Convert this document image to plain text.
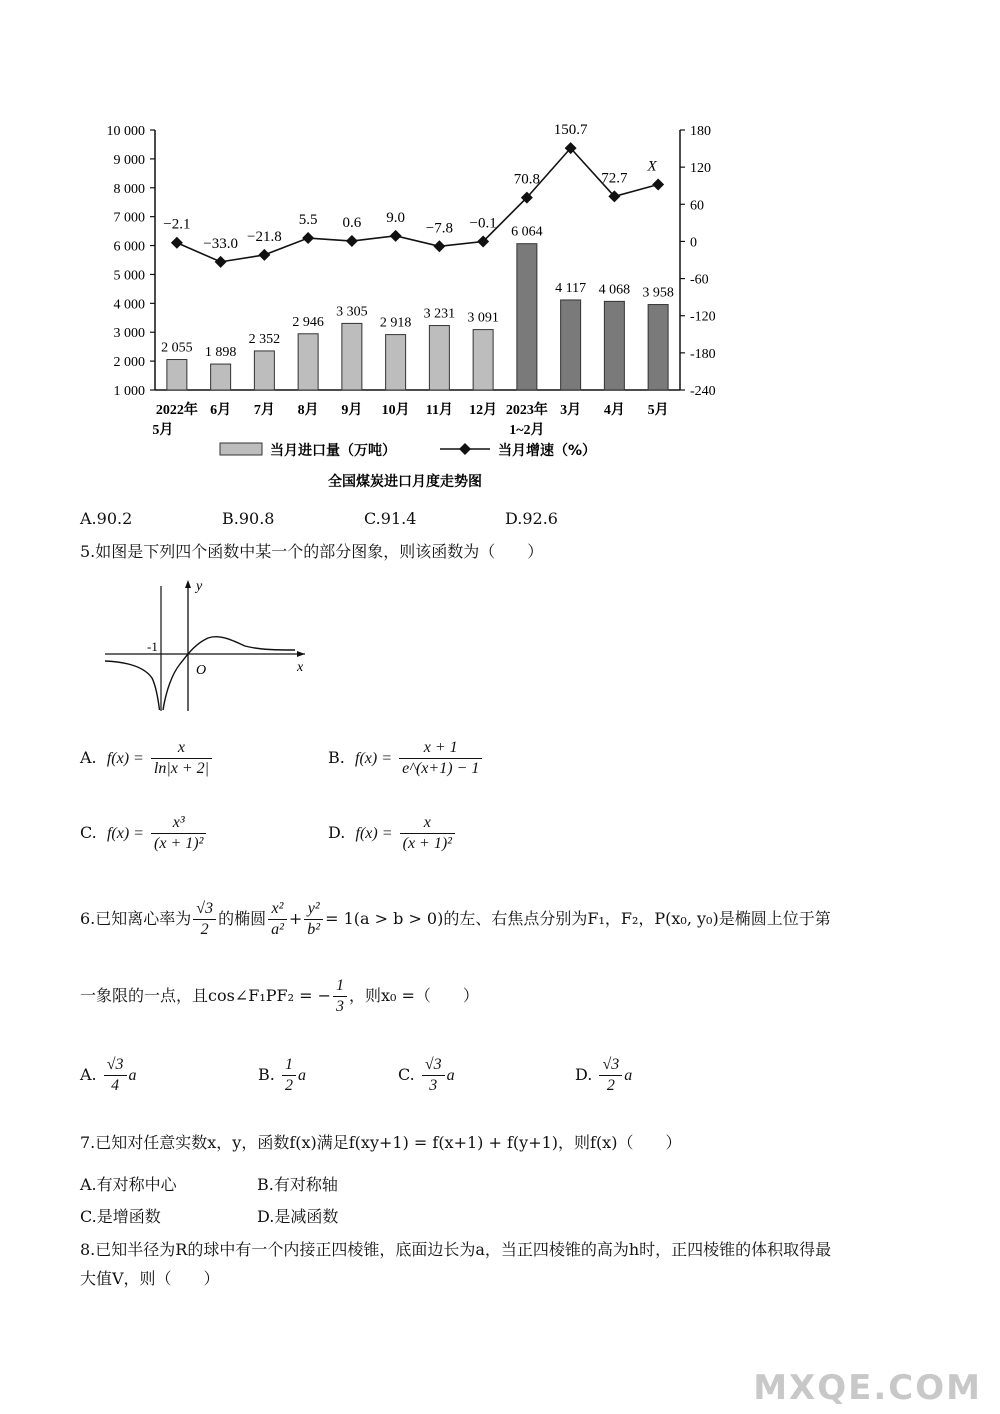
1 000
2 000
3 000
4 000
5 000
6 000
7 000
8 000
9 000
10 000
-240
-180
-120
-60
0
60
120
180
2 055 1 898
2 352
2 946
3 305
2 918
3 231 3 091
6 064
4 117 4 068 3 958
−2.1
−33.0 −21.8
5.5 0.6 9.0
−7.8 −0.1
70.8
150.7
72.7
X
2022年
5月
6月 7月 8月 9月 10月 11月 12月 2023年
1~2月
3月 4月 5月
当月进口量（万吨）	当月增速（%）
全国煤炭进口月度走势图
A.90.2	B.90.8	C.91.4	D.92.6
5.如图是下列四个函数中某一个的部分图象，则该函数为（　　）
y
x
O
-1
A. $f(x) = \frac{x}{\ln|x + 2|}$	B. $f(x) = \frac{x + 1}{e\^{}(x+1) - 1}$
C. $f(x) = \frac{\text{x³}}{\text{(x + 1)²}}$	D. $f(x) = \frac{x}{\text{(x + 1)²}}$
6.已知离心率为 $\frac{√3}{2}$ 的椭圆 $\frac{\text{x²}}{\text{a²}} + \frac{\text{y²}}{\text{b²}} = 1(a > b > 0)$的左、右焦点分别为F₁，F₂，P(x₀, y₀)是椭圆上位于第
一象限的一点，且cos∠F₁PF₂ = − $\frac{1}{3}$ ，则x₀ =（　　）
A. $\frac{√3}{4}$ a	B. $\frac{1}{2}$ a	C. $\frac{√3}{3}$ a	D. $\frac{√3}{2}$ a
7.已知对任意实数x，y，函数f(x)满足f(xy+1) = f(x+1) + f(y+1)，则f(x)（　　）
A.有对称中心	B.有对称轴
C.是增函数	D.是减函数
8.已知半径为R的球中有一个内接正四棱锥，底面边长为a，当正四棱锥的高为h时，正四棱锥的体积取得最
大值V，则（　　）
MXQE.COM
